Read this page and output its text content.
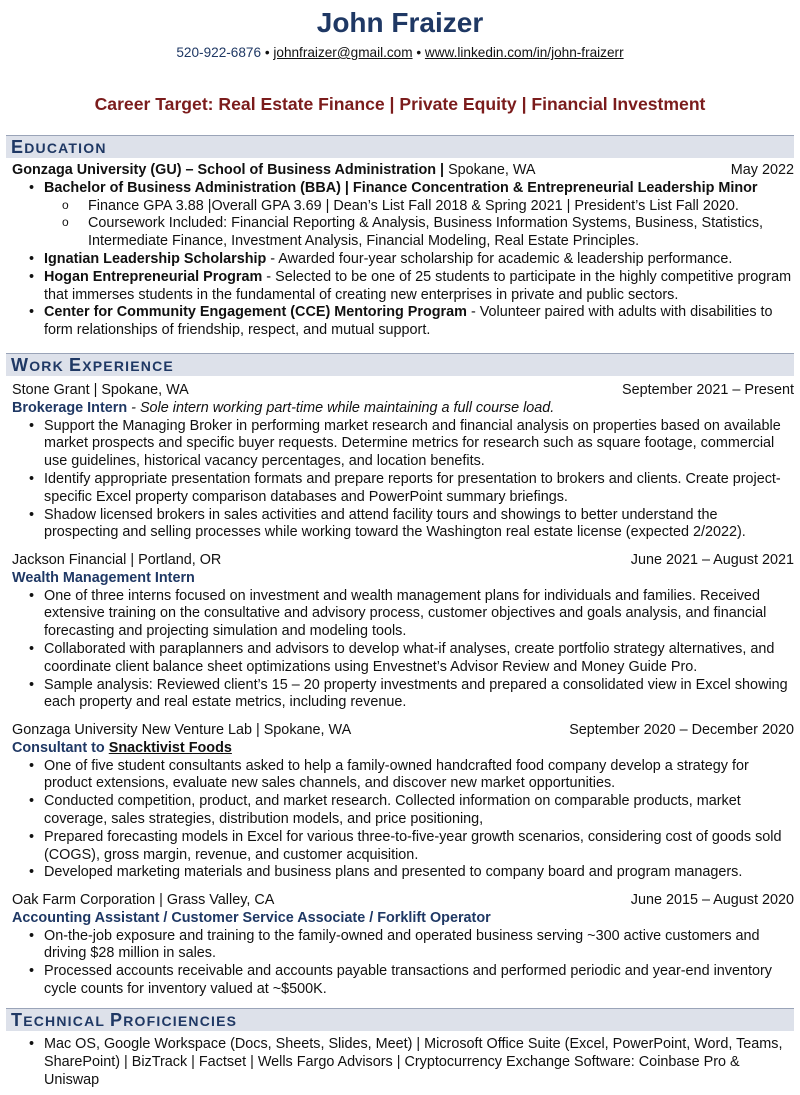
John Fraizer
520-922-6876 • johnfraizer@gmail.com • www.linkedin.com/in/john-fraizerr
Career Target: Real Estate Finance | Private Equity | Financial Investment
EDUCATION
Gonzaga University (GU) – School of Business Administration | Spokane, WA	May 2022
• Bachelor of Business Administration (BBA) | Finance Concentration & Entrepreneurial Leadership Minor
o Finance GPA 3.88 |Overall GPA 3.69 | Dean’s List Fall 2018 & Spring 2021 | President’s List Fall 2020.
o Coursework Included: Financial Reporting & Analysis, Business Information Systems, Business, Statistics, Intermediate Finance, Investment Analysis, Financial Modeling, Real Estate Principles.
• Ignatian Leadership Scholarship - Awarded four-year scholarship for academic & leadership performance.
• Hogan Entrepreneurial Program - Selected to be one of 25 students to participate in the highly competitive program that immerses students in the fundamental of creating new enterprises in private and public sectors.
• Center for Community Engagement (CCE) Mentoring Program - Volunteer paired with adults with disabilities to form relationships of friendship, respect, and mutual support.
WORK EXPERIENCE
Stone Grant | Spokane, WA	September 2021 – Present
Brokerage Intern - Sole intern working part-time while maintaining a full course load.
• Support the Managing Broker in performing market research and financial analysis on properties based on available market prospects and specific buyer requests. Determine metrics for research such as square footage, commercial use guidelines, historical vacancy percentages, and location benefits.
• Identify appropriate presentation formats and prepare reports for presentation to brokers and clients. Create project-specific Excel property comparison databases and PowerPoint summary briefings.
• Shadow licensed brokers in sales activities and attend facility tours and showings to better understand the prospecting and selling processes while working toward the Washington real estate license (expected 2/2022).
Jackson Financial | Portland, OR	June 2021 – August 2021
Wealth Management Intern
• One of three interns focused on investment and wealth management plans for individuals and families. Received extensive training on the consultative and advisory process, customer objectives and goals analysis, and financial forecasting and projecting simulation and modeling tools.
• Collaborated with paraplanners and advisors to develop what-if analyses, create portfolio strategy alternatives, and coordinate client balance sheet optimizations using Envestnet’s Advisor Review and Money Guide Pro.
• Sample analysis: Reviewed client’s 15 – 20 property investments and prepared a consolidated view in Excel showing each property and real estate metrics, including revenue.
Gonzaga University New Venture Lab | Spokane, WA	September 2020 – December 2020
Consultant to Snacktivist Foods
• One of five student consultants asked to help a family-owned handcrafted food company develop a strategy for product extensions, evaluate new sales channels, and discover new market opportunities.
• Conducted competition, product, and market research. Collected information on comparable products, market coverage, sales strategies, distribution models, and price positioning,
• Prepared forecasting models in Excel for various three-to-five-year growth scenarios, considering cost of goods sold (COGS), gross margin, revenue, and customer acquisition.
• Developed marketing materials and business plans and presented to company board and program managers.
Oak Farm Corporation | Grass Valley, CA	June 2015 – August 2020
Accounting Assistant / Customer Service Associate / Forklift Operator
• On-the-job exposure and training to the family-owned and operated business serving ~300 active customers and driving $28 million in sales.
• Processed accounts receivable and accounts payable transactions and performed periodic and year-end inventory cycle counts for inventory valued at ~$500K.
TECHNICAL PROFICIENCIES
• Mac OS, Google Workspace (Docs, Sheets, Slides, Meet) | Microsoft Office Suite (Excel, PowerPoint, Word, Teams, SharePoint) | BizTrack | Factset | Wells Fargo Advisors | Cryptocurrency Exchange Software: Coinbase Pro & Uniswap
